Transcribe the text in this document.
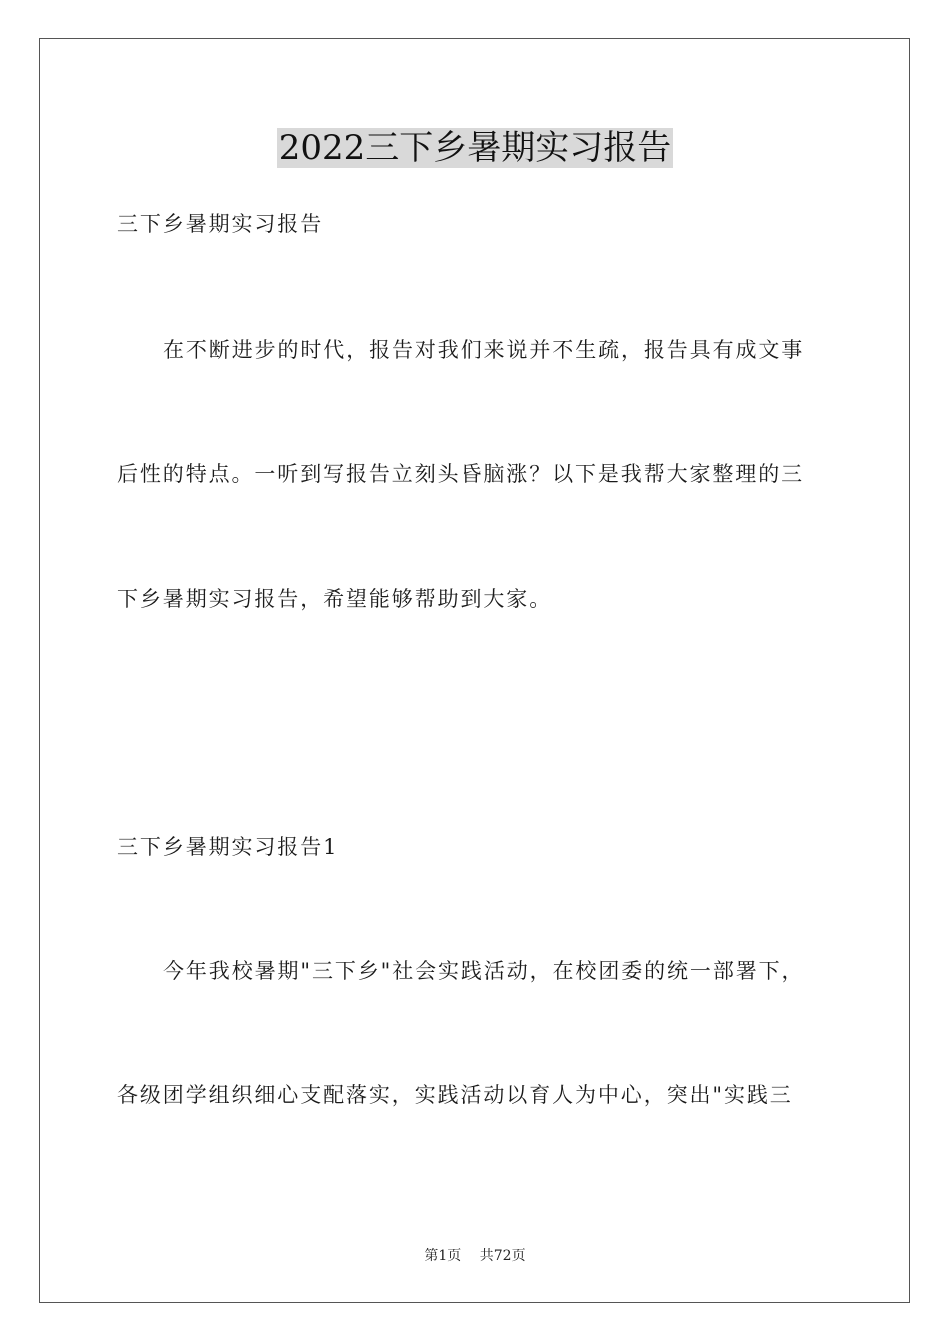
2022三下乡暑期实习报告
三下乡暑期实习报告
在不断进步的时代，报告对我们来说并不生疏，报告具有成文事
后性的特点。一听到写报告立刻头昏脑涨？以下是我帮大家整理的三
下乡暑期实习报告，希望能够帮助到大家。
三下乡暑期实习报告1
今年我校暑期"三下乡"社会实践活动，在校团委的统一部署下，
各级团学组织细心支配落实，实践活动以育人为中心，突出"实践三
第1页 共72页
